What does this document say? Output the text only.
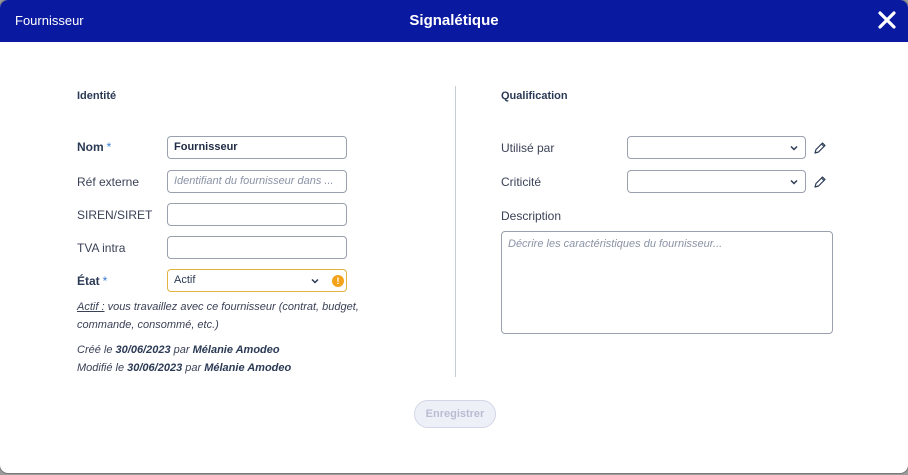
Fournisseur	Signalétique
Identité
Nom *	Fournisseur
Réf externe	Identifiant du fournisseur dans ...
SIREN/SIRET
TVA intra
État *	Actif	!
Actif : vous travaillez avec ce fournisseur (contrat, budget, commande, consommé, etc.)
Créé le 30/06/2023 par Mélanie Amodeo
Modifié le 30/06/2023 par Mélanie Amodeo
Qualification
Utilisé par
Criticité
Description
Décrire les caractéristiques du fournisseur...
Enregistrer
